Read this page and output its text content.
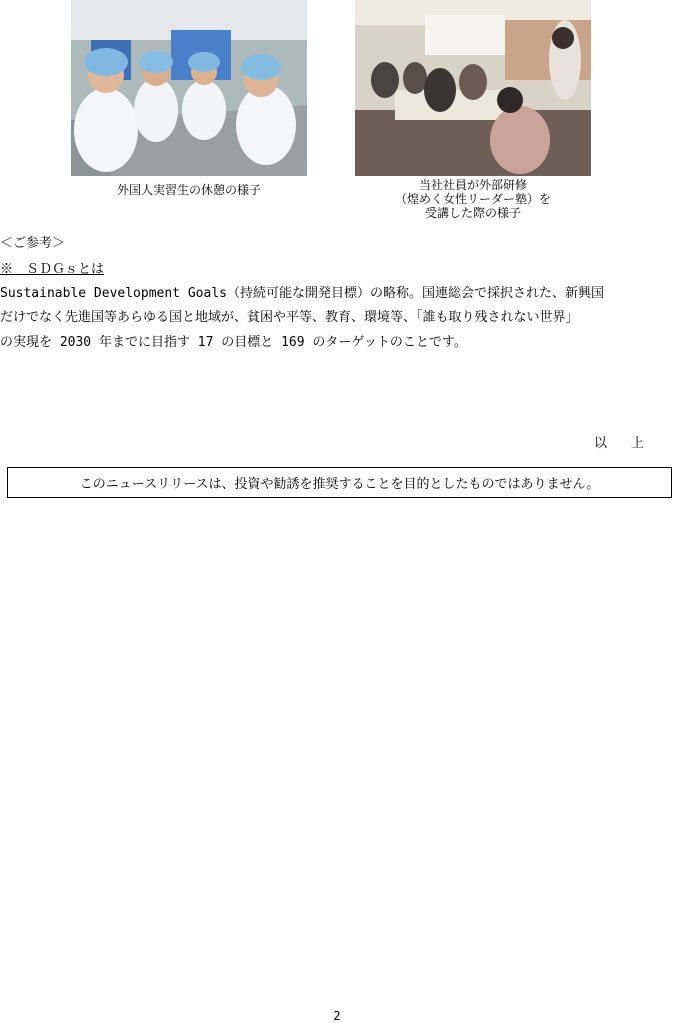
外国人実習生の休憩の様子	当社社員が外部研修
（煌めく女性リーダー塾）を
受講した際の様子
＜ご参考＞
※　ＳＤＧｓとは
Sustainable Development Goals（持続可能な開発目標）の略称。国連総会で採択された、新興国
だけでなく先進国等あらゆる国と地域が、貧困や平等、教育、環境等、「誰も取り残されない世界」
の実現を 2030 年までに目指す 17 の目標と 169 のターゲットのことです。
以上
このニュースリリースは、投資や勧誘を推奨することを目的としたものではありません。
2
